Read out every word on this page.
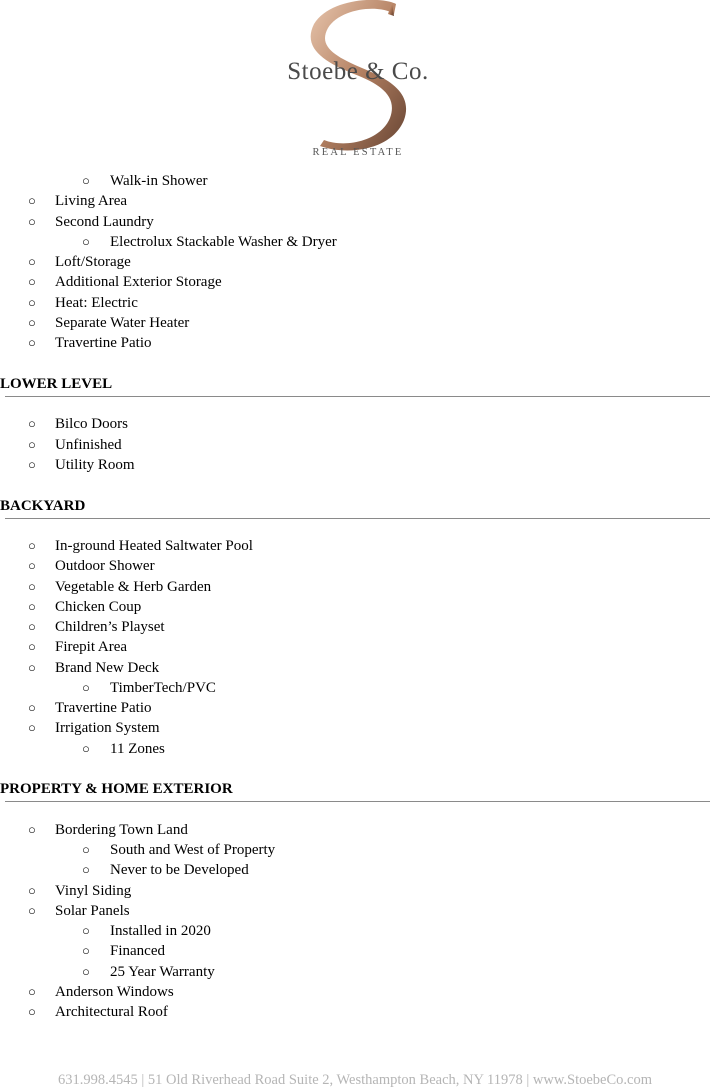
Stoebe & Co.
REAL ESTATE
○ Walk-in Shower
○ Living Area
○ Second Laundry
○ Electrolux Stackable Washer & Dryer
○ Loft/Storage
○ Additional Exterior Storage
○ Heat: Electric
○ Separate Water Heater
○ Travertine Patio
LOWER LEVEL
○ Bilco Doors
○ Unfinished
○ Utility Room
BACKYARD
○ In-ground Heated Saltwater Pool
○ Outdoor Shower
○ Vegetable & Herb Garden
○ Chicken Coup
○ Children’s Playset
○ Firepit Area
○ Brand New Deck
○ TimberTech/PVC
○ Travertine Patio
○ Irrigation System
○ 11 Zones
PROPERTY & HOME EXTERIOR
○ Bordering Town Land
○ South and West of Property
○ Never to be Developed
○ Vinyl Siding
○ Solar Panels
○ Installed in 2020
○ Financed
○ 25 Year Warranty
○ Anderson Windows
○ Architectural Roof
631.998.4545 | 51 Old Riverhead Road Suite 2, Westhampton Beach, NY 11978 | www.StoebeCo.com
